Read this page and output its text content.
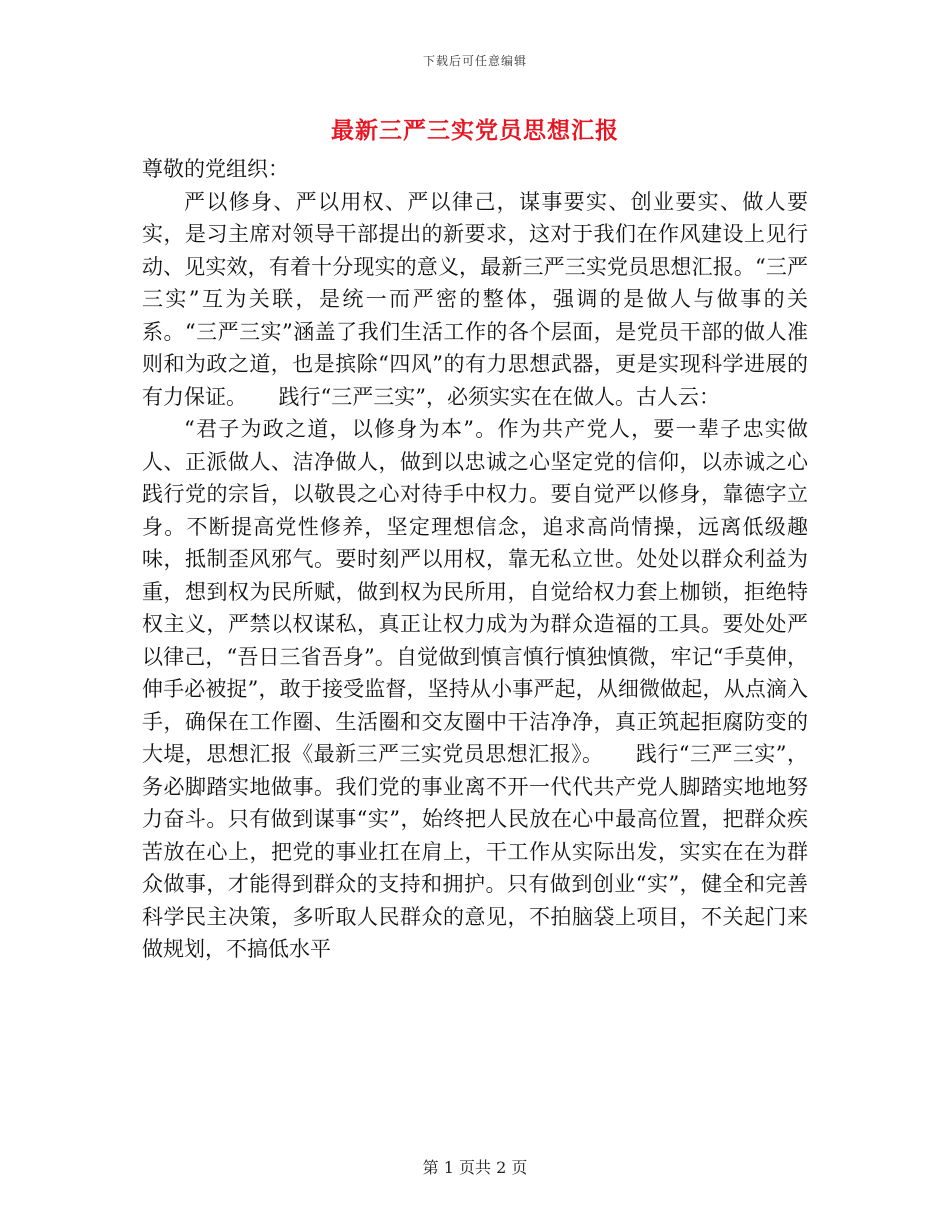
下载后可任意编辑
最新三严三实党员思想汇报

尊敬的党组织：

严以修身、严以用权、严以律己，谋事要实、创业要实、做人要实，是习主席对领导干部提出的新要求，这对于我们在作风建设上见行动、见实效，有着十分现实的意义，最新三严三实党员思想汇报。“三严三实”互为关联，是统一而严密的整体，强调的是做人与做事的关系。“三严三实”涵盖了我们生活工作的各个层面，是党员干部的做人准则和为政之道，也是摈除“四风”的有力思想武器，更是实现科学进展的有力保证。　　践行“三严三实”，必须实实在在做人。古人云：

“君子为政之道，以修身为本”。作为共产党人，要一辈子忠实做人、正派做人、洁净做人，做到以忠诚之心坚定党的信仰，以赤诚之心践行党的宗旨，以敬畏之心对待手中权力。要自觉严以修身，靠德字立身。不断提高党性修养，坚定理想信念，追求高尚情操，远离低级趣味，抵制歪风邪气。要时刻严以用权，靠无私立世。处处以群众利益为重，想到权为民所赋，做到权为民所用，自觉给权力套上枷锁，拒绝特权主义，严禁以权谋私，真正让权力成为为群众造福的工具。要处处严以律己，“吾日三省吾身”。自觉做到慎言慎行慎独慎微，牢记“手莫伸，伸手必被捉”，敢于接受监督，坚持从小事严起，从细微做起，从点滴入手，确保在工作圈、生活圈和交友圈中干洁净净，真正筑起拒腐防变的大堤，思想汇报《最新三严三实党员思想汇报》。　　践行“三严三实”，务必脚踏实地做事。我们党的事业离不开一代代共产党人脚踏实地地努力奋斗。只有做到谋事“实”，始终把人民放在心中最高位置，把群众疾苦放在心上，把党的事业扛在肩上，干工作从实际出发，实实在在为群众做事，才能得到群众的支持和拥护。只有做到创业“实”，健全和完善科学民主决策，多听取人民群众的意见，不拍脑袋上项目，不关起门来做规划，不搞低水平

第 1 页共 2 页
